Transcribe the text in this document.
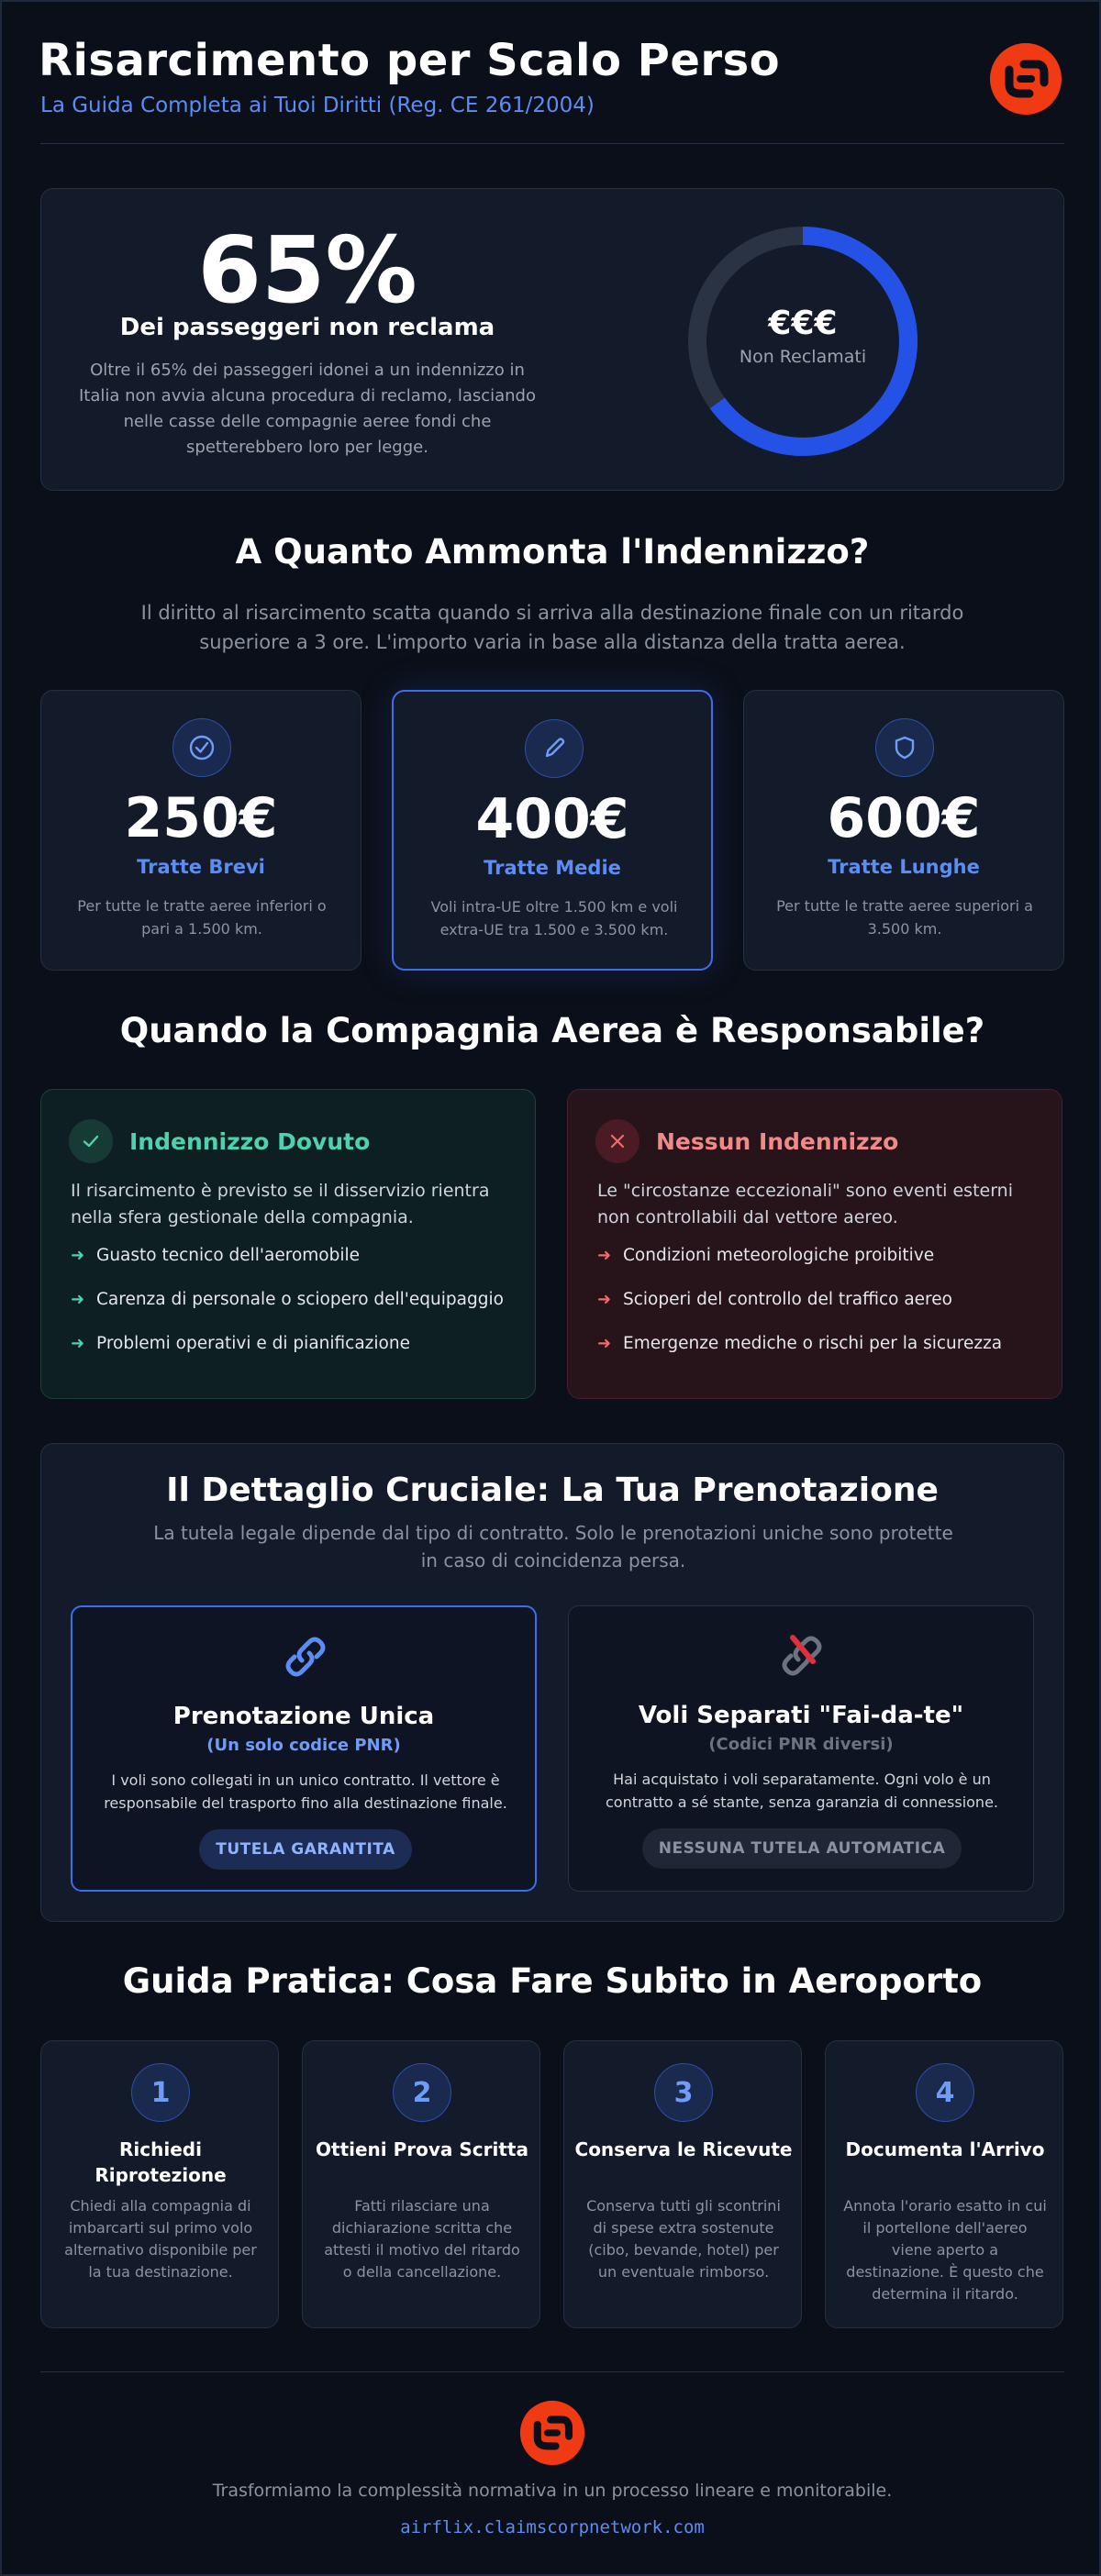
Risarcimento per Scalo Perso
La Guida Completa ai Tuoi Diritti (Reg. CE 261/2004)
65%
Dei passeggeri non reclama
Oltre il 65% dei passeggeri idonei a un indennizzo in Italia non avvia alcuna procedura di reclamo, lasciando nelle casse delle compagnie aeree fondi che spetterebbero loro per legge.
€€€
Non Reclamati
A Quanto Ammonta l'Indennizzo?
Il diritto al risarcimento scatta quando si arriva alla destinazione finale con un ritardo superiore a 3 ore. L'importo varia in base alla distanza della tratta aerea.
250€
Tratte Brevi
Per tutte le tratte aeree inferiori o pari a 1.500 km.
400€
Tratte Medie
Voli intra-UE oltre 1.500 km e voli extra-UE tra 1.500 e 3.500 km.
600€
Tratte Lunghe
Per tutte le tratte aeree superiori a 3.500 km.
Quando la Compagnia Aerea è Responsabile?
Indennizzo Dovuto
Il risarcimento è previsto se il disservizio rientra nella sfera gestionale della compagnia.
➜ Guasto tecnico dell'aeromobile
➜ Carenza di personale o sciopero dell'equipaggio
➜ Problemi operativi e di pianificazione
Nessun Indennizzo
Le "circostanze eccezionali" sono eventi esterni non controllabili dal vettore aereo.
➜ Condizioni meteorologiche proibitive
➜ Scioperi del controllo del traffico aereo
➜ Emergenze mediche o rischi per la sicurezza
Il Dettaglio Cruciale: La Tua Prenotazione
La tutela legale dipende dal tipo di contratto. Solo le prenotazioni uniche sono protette in caso di coincidenza persa.
Prenotazione Unica
(Un solo codice PNR)
I voli sono collegati in un unico contratto. Il vettore è responsabile del trasporto fino alla destinazione finale.
TUTELA GARANTITA
Voli Separati "Fai-da-te"
(Codici PNR diversi)
Hai acquistato i voli separatamente. Ogni volo è un contratto a sé stante, senza garanzia di connessione.
NESSUNA TUTELA AUTOMATICA
Guida Pratica: Cosa Fare Subito in Aeroporto
1
Richiedi Riprotezione
Chiedi alla compagnia di imbarcarti sul primo volo alternativo disponibile per la tua destinazione.
2
Ottieni Prova Scritta
Fatti rilasciare una dichiarazione scritta che attesti il motivo del ritardo o della cancellazione.
3
Conserva le Ricevute
Conserva tutti gli scontrini di spese extra sostenute (cibo, bevande, hotel) per un eventuale rimborso.
4
Documenta l'Arrivo
Annota l'orario esatto in cui il portellone dell'aereo viene aperto a destinazione. È questo che determina il ritardo.
Trasformiamo la complessità normativa in un processo lineare e monitorabile.
airflix.claimscorpnetwork.com
